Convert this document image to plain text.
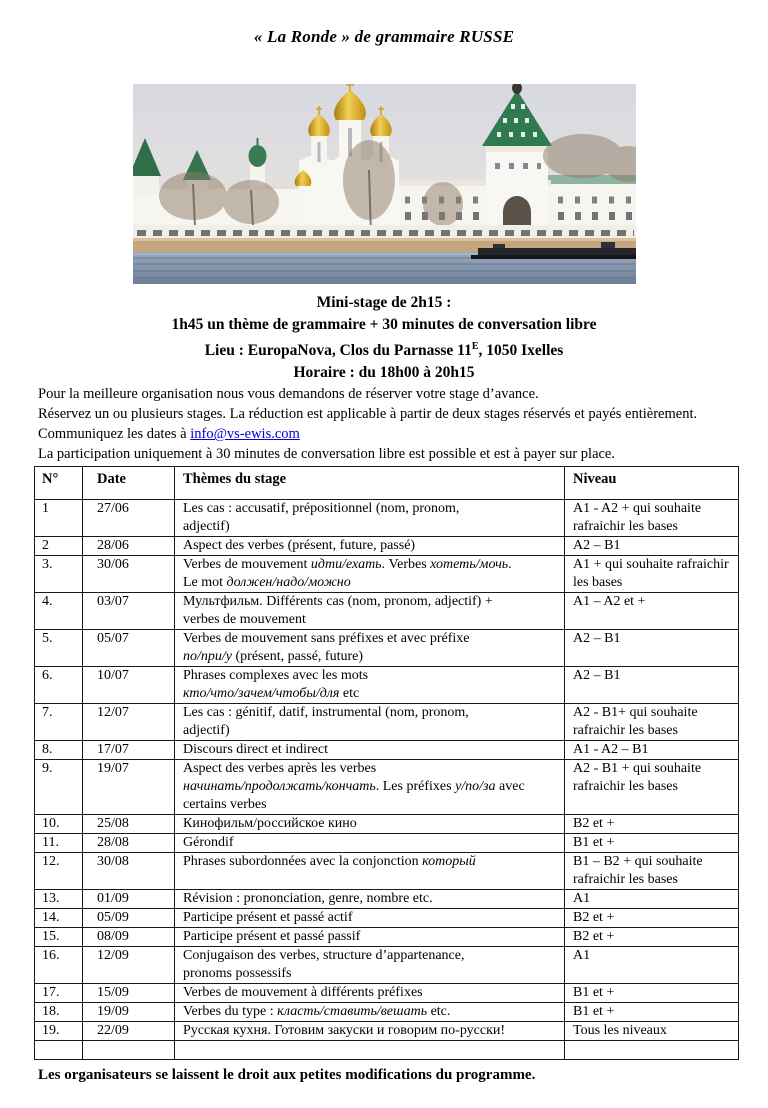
« La Ronde » de grammaire RUSSE

Mini-stage de 2h15 :

1h45 un thème de grammaire + 30 minutes de conversation libre

Lieu : EuropaNova, Clos du Parnasse $11^E$, 1050 Ixelles

Horaire : du 18h00 à 20h15

Pour la meilleure organisation nous vous demandons de réserver votre stage d’avance.

Réservez un ou plusieurs stages. La réduction est applicable à partir de deux stages réservés et payés entièrement. Communiquez les dates à info@vs-ewis.com

La participation uniquement à 30 minutes de conversation libre est possible et est à payer sur place.

N°	Date	Thèmes du stage	Niveau
1	27/06	Les cas : accusatif, prépositionnel (nom, pronom,
adjectif)	A1 - A2 + qui souhaite rafraichir les bases
2	28/06	Aspect des verbes (présent, future, passé)	A2 – B1
3.	30/06	Verbes de mouvement идти/ехать. Verbes хотеть/мочь.
Le mot должен/надо/можно	A1 + qui souhaite rafraichir les bases
4.	03/07	Мультфильм. Différents cas (nom, pronom, adjectif) +
verbes de mouvement	A1 – A2 et +
5.	05/07	Verbes de mouvement sans préfixes et avec préfixe
по/при/у (présent, passé, future)	A2 – B1
6.	10/07	Phrases complexes avec les mots
кто/что/зачем/чтобы/для etc	A2 – B1
7.	12/07	Les cas : génitif, datif, instrumental (nom, pronom,
adjectif)	A2 - B1+ qui souhaite rafraichir les bases
8.	17/07	Discours direct et indirect	A1 - A2 – B1
9.	19/07	Aspect des verbes après les verbes
начинать/продолжать/кончать. Les préfixes у/по/за avec
certains verbes	A2 - B1 + qui souhaite rafraichir les bases
10.	25/08	Кинофильм/российское кино	B2 et +
11.	28/08	Gérondif	B1 et +
12.	30/08	Phrases subordonnées avec la conjonction который	B1 – B2 + qui souhaite rafraichir les bases
13.	01/09	Révision : prononciation, genre, nombre etc.	A1
14.	05/09	Participe présent et passé actif	B2 et +
15.	08/09	Participe présent et passé passif	B2 et +
16.	12/09	Conjugaison des verbes, structure d’appartenance,
pronoms possessifs	A1
17.	15/09	Verbes de mouvement à différents préfixes	B1 et +
18.	19/09	Verbes du type : класть/ставить/вешать etc.	B1 et +
19.	22/09	Русская кухня. Готовим закуски и говорим по-русски!	Tous les niveaux

Les organisateurs se laissent le droit aux petites modifications du programme.
